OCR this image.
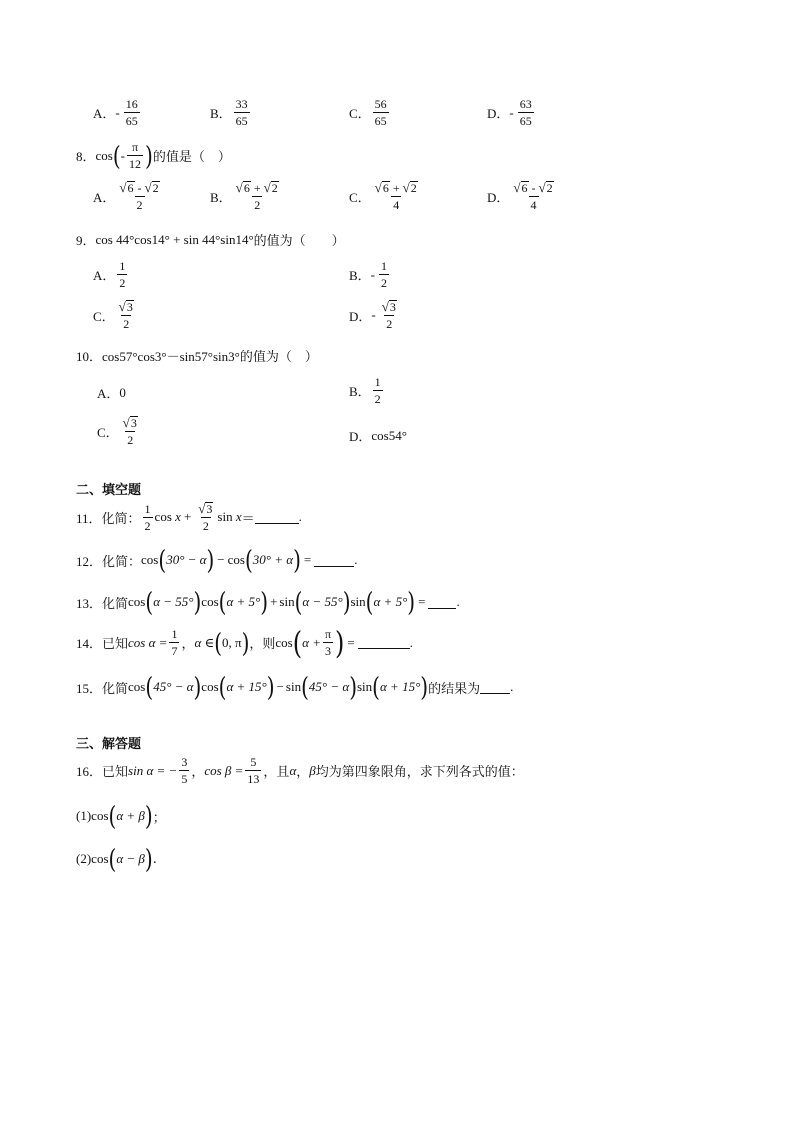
A． - $\frac{16}{65}$	B． $\frac{33}{65}$	C． $\frac{56}{65}$	D． - $\frac{63}{65}$
8． cos ( - $\frac{\pi}{12}$ ) 的值是（　）
A． $\frac{√ 6 - √ 2}{2}$	B． $\frac{√ 6 + √ 2}{2}$	C． $\frac{√ 6 + √ 2}{4}$	D． $\frac{√ 6 - √ 2}{4}$
9． cos 44°cos14° + sin 44°sin14° 的值为（　　）
A． $\frac{1}{2}$	B． - $\frac{1}{2}$
C． $\frac{√ 3}{2}$	D． - $\frac{√ 3}{2}$
10． cos57°cos3°－sin57°sin3° 的值为（　）
A． 0	B． $\frac{1}{2}$
C． $\frac{√ 3}{2}$	D． cos54°
二、填空题
11． 化简： $\frac{1}{2}$ cos
$x + \frac{√ 3}{2}$ sin
x ＝	.
12． 化简： cos ( 30° − α ) − cos ( 30° + α ) =	.
13． 化简 cos ( α − 55° ) cos ( α + 5° ) + sin ( α − 55° ) sin ( α + 5° ) = .
14． 已知 $\cos \alpha = \frac{1}{7}$ ， α ∈ ( 0, π ) ，则 cos ( $\alpha + \frac{\pi}{3}$ ) =	.
15． 化简 cos ( 45° − α ) cos ( α + 15° ) − sin ( 45° − α ) sin ( α + 15° ) 的结果为 .
三、解答题
16． 已知 sin α = − $\frac{3}{5}$ ， $\cos \beta = \frac{5}{13}$ ，且 α ， β 均为第四象限角，求下列各式的值：
(1) cos ( α + β ) ；
(2) cos ( α − β ) .
